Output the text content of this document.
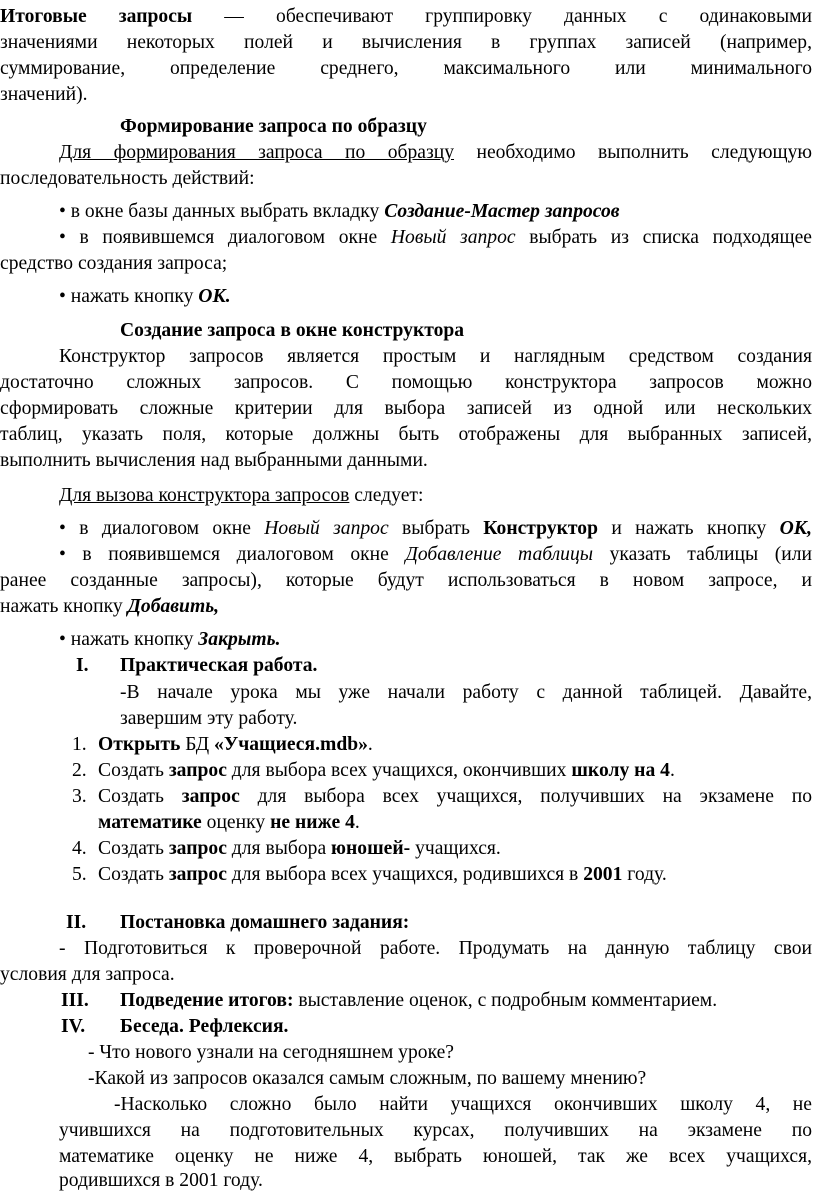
Итоговые запросы — обеспечивают группировку данных с одинаковыми
значениями некоторых полей и вычисления в группах записей (например,
суммирование, определение среднего, максимального или минимального
значений).
Формирование запроса по образцу
Для формирования запроса по образцу необходимо выполнить следующую
последовательность действий:
• в окне базы данных выбрать вкладку Создание-Мастер запросов
• в появившемся диалоговом окне Новый запрос выбрать из списка подходящее
средство создания запроса;
• нажать кнопку ОК.
Создание запроса в окне конструктора
Конструктор запросов является простым и наглядным средством создания
достаточно сложных запросов. С помощью конструктора запросов можно
сформировать сложные критерии для выбора записей из одной или нескольких
таблиц, указать поля, которые должны быть отображены для выбранных записей,
выполнить вычисления над выбранными данными.
Для вызова конструктора запросов следует:
• в диалоговом окне Новый запрос выбрать Конструктор и нажать кнопку ОК,
• в появившемся диалоговом окне Добавление таблицы указать таблицы (или
ранее созданные запросы), которые будут использоваться в новом запросе, и
нажать кнопку Добавить,
• нажать кнопку Закрыть.
I.	Практическая работа.
-В начале урока мы уже начали работу с данной таблицей. Давайте,
завершим эту работу.
1. Открыть БД «Учащиеся.mdb».
2. Создать запрос для выбора всех учащихся, окончивших школу на 4.
3. Создать запрос для выбора всех учащихся, получивших на экзамене по
математике оценку не ниже 4.
4. Создать запрос для выбора юношей- учащихся.
5. Создать запрос для выбора всех учащихся, родившихся в 2001 году.
II.	Постановка домашнего задания:
- Подготовиться к проверочной работе. Продумать на данную таблицу свои
условия для запроса.
III.	Подведение итогов: выставление оценок, с подробным комментарием.
IV.	Беседа. Рефлексия.
- Что нового узнали на сегодняшнем уроке?
-Какой из запросов оказался самым сложным, по вашему мнению?
-Насколько сложно было найти учащихся окончивших школу 4, не
учившихся на подготовительных курсах, получивших на экзамене по
математике оценку не ниже 4, выбрать юношей, так же всех учащихся,
родившихся в 2001 году.
